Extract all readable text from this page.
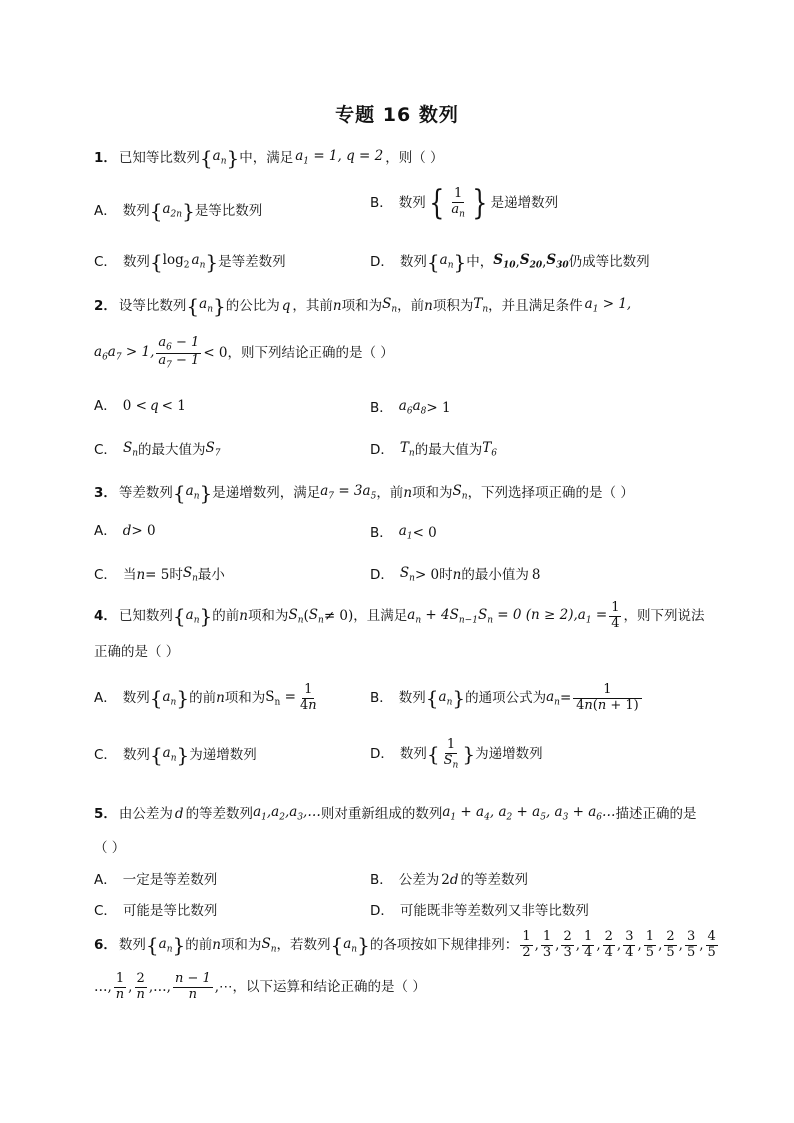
专题 16 数列
1． 已知等比数列 { $a_n$ } 中，满足 $a_1 = 1$, q = 2 ，则（ ）
A． 数列 { $a_{2n}$ } 是等比数列	B． 数列 { $\frac{1}{a_n}$ } 是递增数列
C． 数列 { $\log_2 a_n$ } 是等差数列	D． 数列 { $a_n$ } 中， $S_{10}$ , $S_{20}$ , $S_{30}$ 仍成等比数列
2． 设等比数列 { $a_n$ } 的公比为 q ，其前 n 项和为 $S_n$ ，前 n 项积为 $T_n$ ，并且满足条件 $a_1 > 1$,
$a_6a_7 > 1$, $\frac{a_6 - 1}{a_7 - 1} < 0$ ，则下列结论正确的是（ ）
A． 0 < q < 1	B． $a_6a_8 > 1$
C． $S_n$ 的最大值为 $S_7$	D． $T_n$ 的最大值为 $T_6$
3． 等差数列 { $a_n$ } 是递增数列，满足 $a_7 = 3a_5$ ，前 n 项和为 $S_n$ ，下列选择项正确的是（ ）
A． d > 0	B． $a_1 < 0$
C． 当 n = 5 时 $S_n$ 最小	D． $S_n > 0$ 时 n 的最小值为 8
4． 已知数列 { $a_n$ } 的前 n 项和为 $S_n$ ( $S_n \ne 0$) ，且满足 $a_n + 4S_{n-1}S_n = 0$ $(n \ge 2),a_1 = \frac{1}{4}$ ，则下列说法
正确的是（ ）
A． 数列 { $a_n$ } 的前 n 项和为 $S_n = \frac{1}{4n}$	B． 数列 { $a_n$ } 的通项公式为 $a_n = \frac{1}{4n(n + 1)}$
C． 数列 { $a_n$ } 为递增数列	D． 数列 { $\frac{1}{S_n}$ } 为递增数列
5． 由公差为 d 的等差数列 $a_1,a_2,a_3,\dots$ 则对重新组成的数列 $a_1 + a_4$, $a_2 + a_5$, $a_3$ + $a_6\dots$ 描述正确的是
（ ）
A． 一定是等差数列	B． 公差为 2d 的等差数列
C． 可能是等比数列	D． 可能既非等差数列又非等比数列
6． 数列 { $a_n$ } 的前 n 项和为 $S_n$ ，若数列 { $a_n$ } 的各项按如下规律排列： $\frac{1}{2}$ , $\frac{1}{3}$ , $\frac{2}{3}$ , $\frac{1}{4}$ , $\frac{2}{4}$ , $\frac{3}{4}$ , $\frac{1}{5}$ , $\frac{2}{5}$ , $\frac{3}{5}$ , $\frac{4}{5}$
…, $\frac{1}{n}$ , $\frac{2}{n}$ ,…, $\frac{n - 1}{n}$ ,⋯ ，以下运算和结论正确的是（ ）
